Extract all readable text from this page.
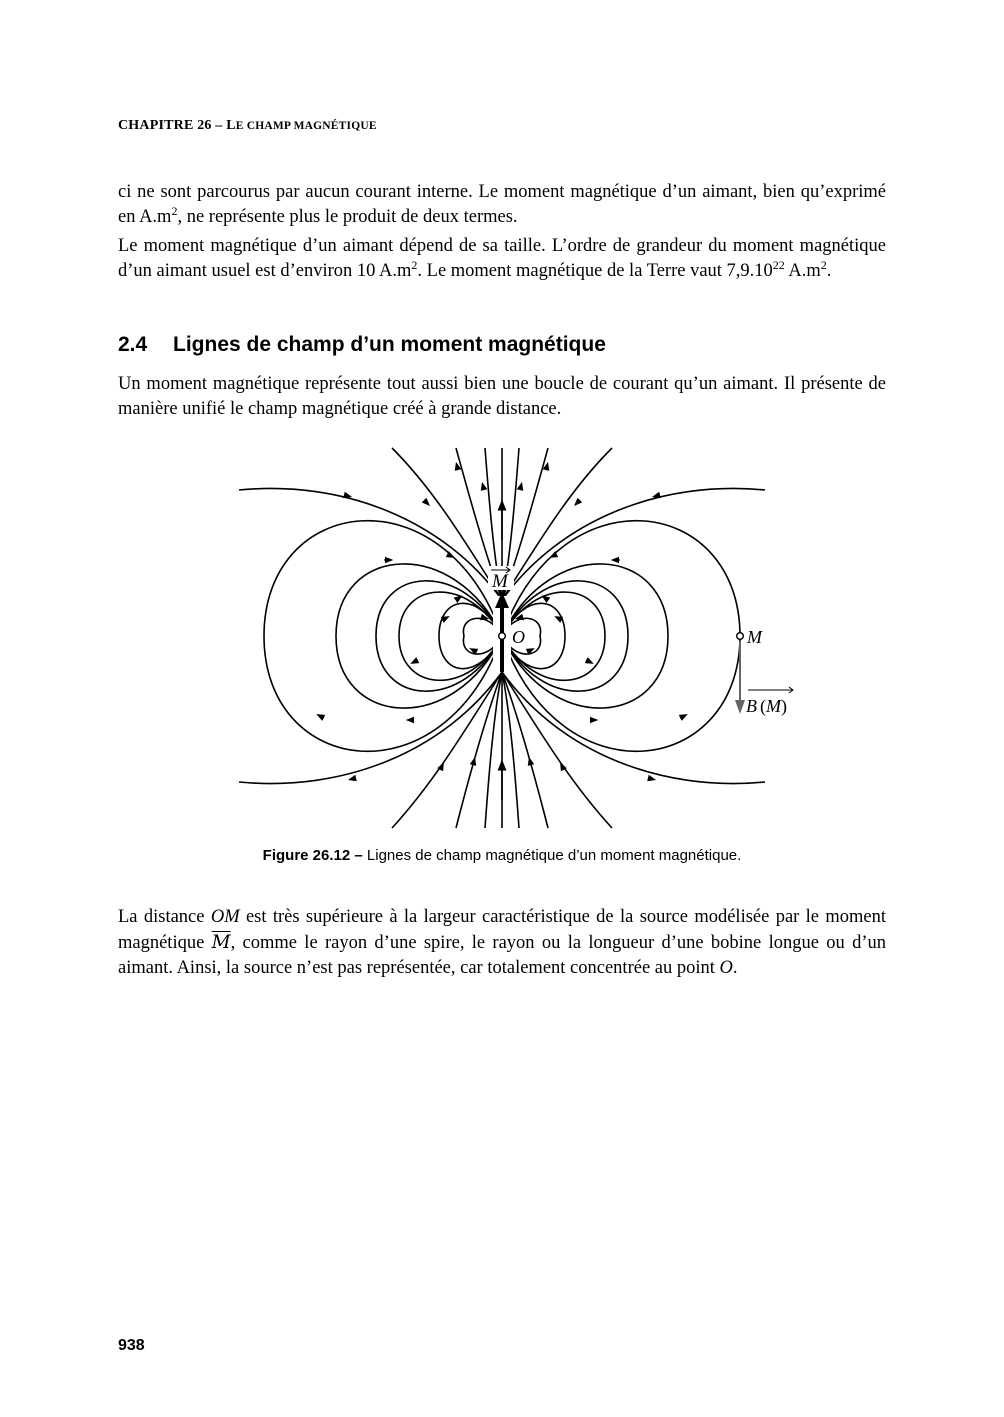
CHAPITRE 26 – LE CHAMP MAGNÉTIQUE

ci ne sont parcourus par aucun courant interne. Le moment magnétique d’un aimant, bien qu’exprimé en $A.m^2$, ne représente plus le produit de deux termes.

Le moment magnétique d’un aimant dépend de sa taille. L’ordre de grandeur du moment magnétique d’un aimant usuel est d’environ 10 $A.m^2$. Le moment magnétique de la Terre vaut 7,9.10$^{22}$ $A.m^2$.

2.4 Lignes de champ d’un moment magnétique

Un moment magnétique représente tout aussi bien une boucle de courant qu’un aimant. Il présente de manière unifié le champ magnétique créé à grande distance.

M
O	M
B (M)
Figure 26.12 – Lignes de champ magnétique d’un moment magnétique.

La distance OM est très supérieure à la largeur caractéristique de la source modélisée par le moment magnétique $\overline{M}$, comme le rayon d’une spire, le rayon ou la longueur d’une bobine longue ou d’un aimant. Ainsi, la source n’est pas représentée, car totalement concentrée au point O.

938
